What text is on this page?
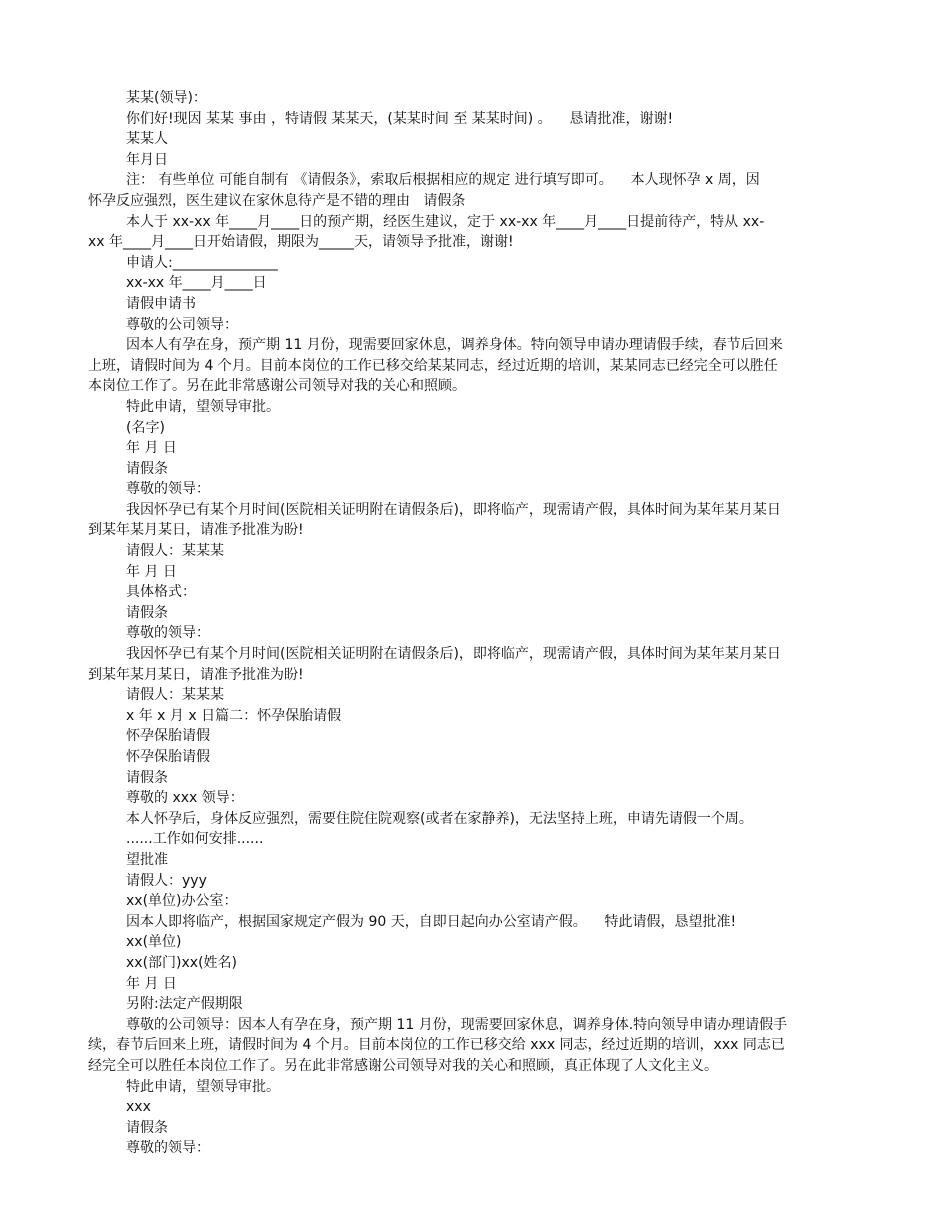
某某(领导)：
你们好!现因 某某 事由 ，特请假 某某天，(某某时间 至 某某时间) 。    恳请批准，谢谢!
某某人
年月日
注： 有些单位 可能自制有 《请假条》，索取后根据相应的规定 进行填写即可。    本人现怀孕 x 周，因
怀孕反应强烈，医生建议在家休息待产是不错的理由   请假条
本人于 xx-xx 年____月____日的预产期，经医生建议，定于 xx-xx 年____月____日提前待产，特从 xx-
xx 年____月____日开始请假，期限为_____天，请领导予批准，谢谢!
申请人:_______________
xx-xx 年____月____日
请假申请书
尊敬的公司领导：
因本人有孕在身，预产期 11 月份，现需要回家休息，调养身体。特向领导申请办理请假手续，春节后回来
上班，请假时间为 4 个月。目前本岗位的工作已移交给某某同志，经过近期的培训，某某同志已经完全可以胜任
本岗位工作了。另在此非常感谢公司领导对我的关心和照顾。
特此申请，望领导审批。
(名字)
年 月 日
请假条
尊敬的领导：
我因怀孕已有某个月时间(医院相关证明附在请假条后)，即将临产，现需请产假，具体时间为某年某月某日
到某年某月某日，请准予批准为盼!
请假人：某某某
年 月 日
具体格式：
请假条
尊敬的领导：
我因怀孕已有某个月时间(医院相关证明附在请假条后)，即将临产，现需请产假，具体时间为某年某月某日
到某年某月某日，请准予批准为盼!
请假人：某某某
x 年 x 月 x 日篇二：怀孕保胎请假
怀孕保胎请假
怀孕保胎请假
请假条
尊敬的 xxx 领导：
本人怀孕后，身体反应强烈，需要住院住院观察(或者在家静养)，无法坚持上班，申请先请假一个周。
......工作如何安排......
望批准
请假人：yyy
xx(单位)办公室：
因本人即将临产，根据国家规定产假为 90 天，自即日起向办公室请产假。    特此请假，恳望批准!
xx(单位)
xx(部门)xx(姓名)
年 月 日
另附:法定产假期限
尊敬的公司领导：因本人有孕在身，预产期 11 月份，现需要回家休息，调养身体.特向领导申请办理请假手
续，春节后回来上班，请假时间为 4 个月。目前本岗位的工作已移交给 xxx 同志，经过近期的培训，xxx 同志已
经完全可以胜任本岗位工作了。另在此非常感谢公司领导对我的关心和照顾，真正体现了人文化主义。
特此申请，望领导审批。
xxx
请假条
尊敬的领导：
